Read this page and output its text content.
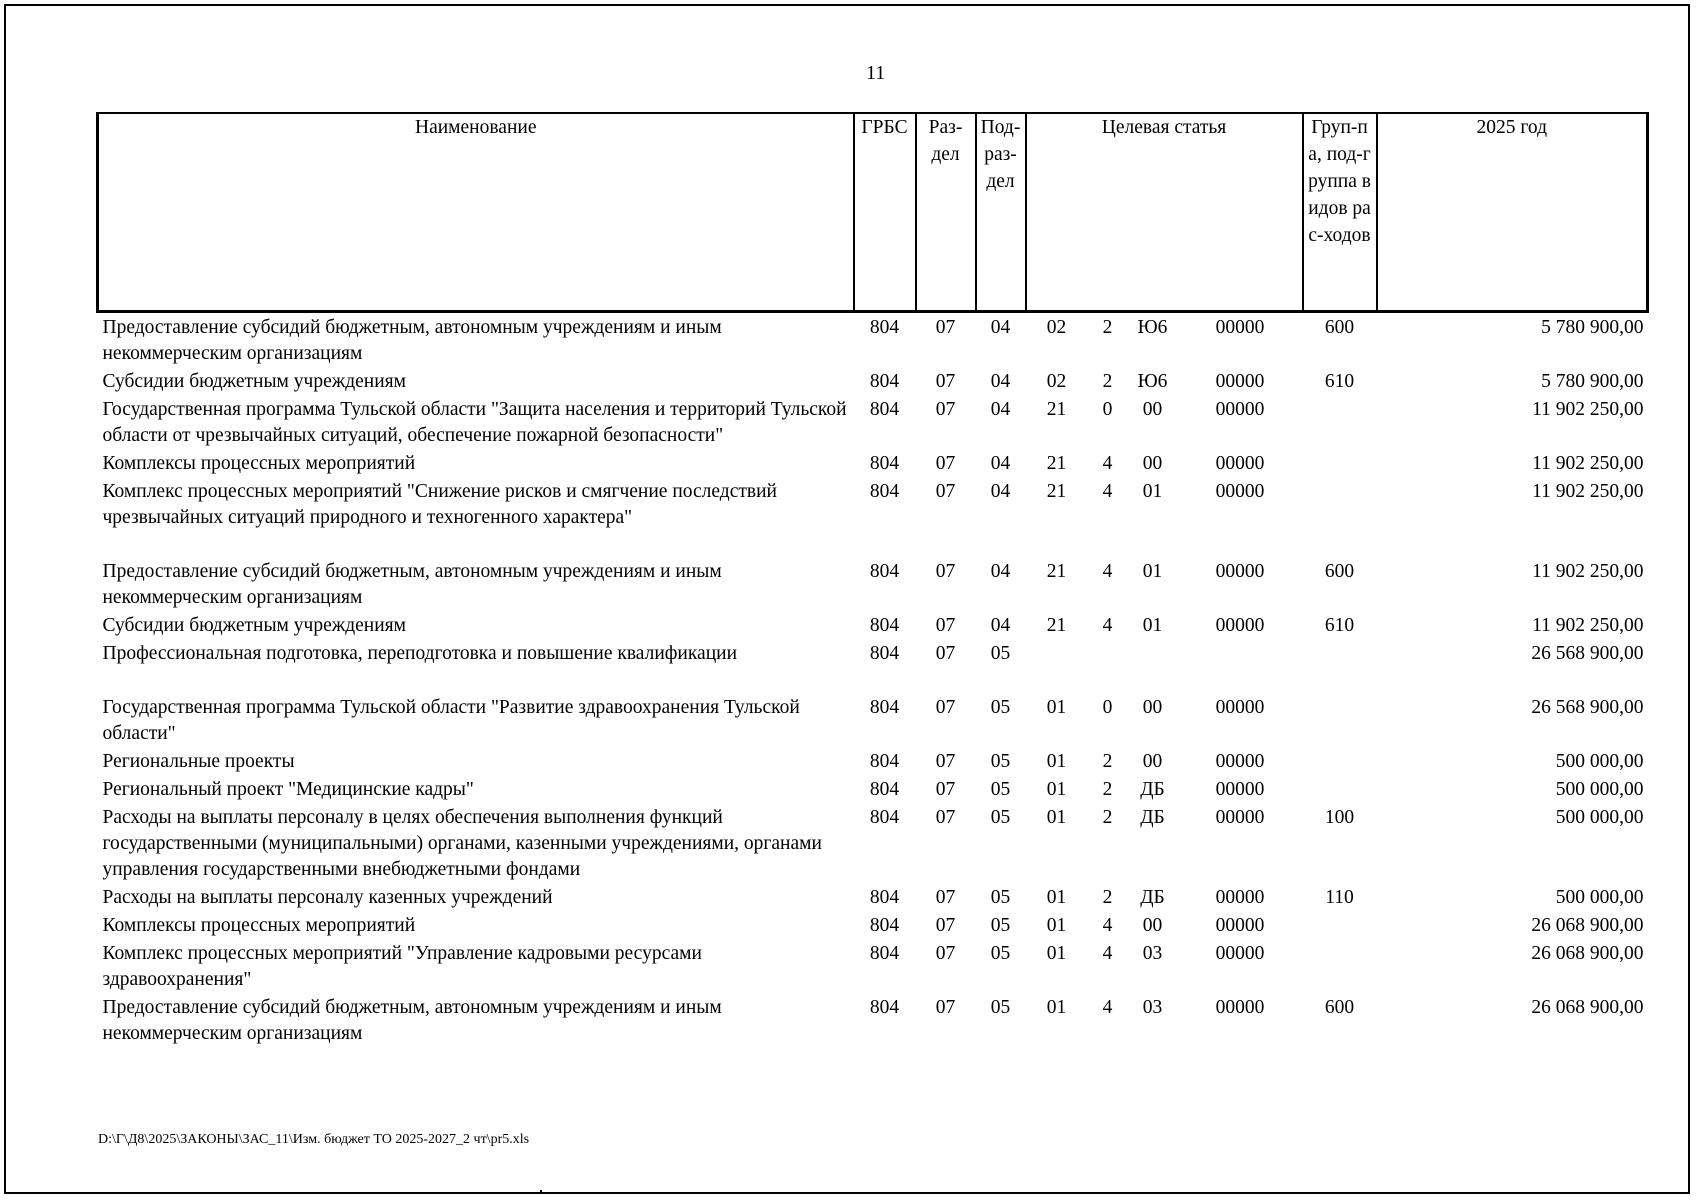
11
Наименование	ГРБС	Раз-дел	Под-раз-дел	Целевая статья				Груп-па, под-группа видов рас-ходов	2025 год
Предоставление субсидий бюджетным, автономным учреждениям и иным некоммерческим организациям	804	07	04	02	2	Ю6	00000	600	5 780 900,00
Субсидии бюджетным учреждениям	804	07	04	02	2	Ю6	00000	610	5 780 900,00
Государственная программа Тульской области "Защита населения и территорий Тульской области от чрезвычайных ситуаций, обеспечение пожарной безопасности"	804	07	04	21	0	00	00000		11 902 250,00
Комплексы процессных мероприятий	804	07	04	21	4	00	00000		11 902 250,00
Комплекс процессных мероприятий "Снижение рисков и смягчение последствий чрезвычайных ситуаций природного и техногенного характера"	804	07	04	21	4	01	00000		11 902 250,00
Предоставление субсидий бюджетным, автономным учреждениям и иным некоммерческим организациям	804	07	04	21	4	01	00000	600	11 902 250,00
Субсидии бюджетным учреждениям	804	07	04	21	4	01	00000	610	11 902 250,00
Профессиональная подготовка, переподготовка и повышение квалификации	804	07	05						26 568 900,00
Государственная программа Тульской области "Развитие здравоохранения Тульской области"	804	07	05	01	0	00	00000		26 568 900,00
Региональные проекты	804	07	05	01	2	00	00000		500 000,00
Региональный проект "Медицинские кадры"	804	07	05	01	2	ДБ	00000		500 000,00
Расходы на выплаты персоналу в целях обеспечения выполнения функций государственными (муниципальными) органами, казенными учреждениями, органами управления государственными внебюджетными фондами	804	07	05	01	2	ДБ	00000	100	500 000,00
Расходы на выплаты персоналу казенных учреждений	804	07	05	01	2	ДБ	00000	110	500 000,00
Комплексы процессных мероприятий	804	07	05	01	4	00	00000		26 068 900,00
Комплекс процессных мероприятий "Управление кадровыми ресурсами здравоохранения"	804	07	05	01	4	03	00000		26 068 900,00
Предоставление субсидий бюджетным, автономным учреждениям и иным некоммерческим организациям	804	07	05	01	4	03	00000	600	26 068 900,00
D:\Г\Д8\2025\ЗАКОНЫ\ЗАС_11\Изм. бюджет ТО 2025-2027_2 чт\pr5.xls
